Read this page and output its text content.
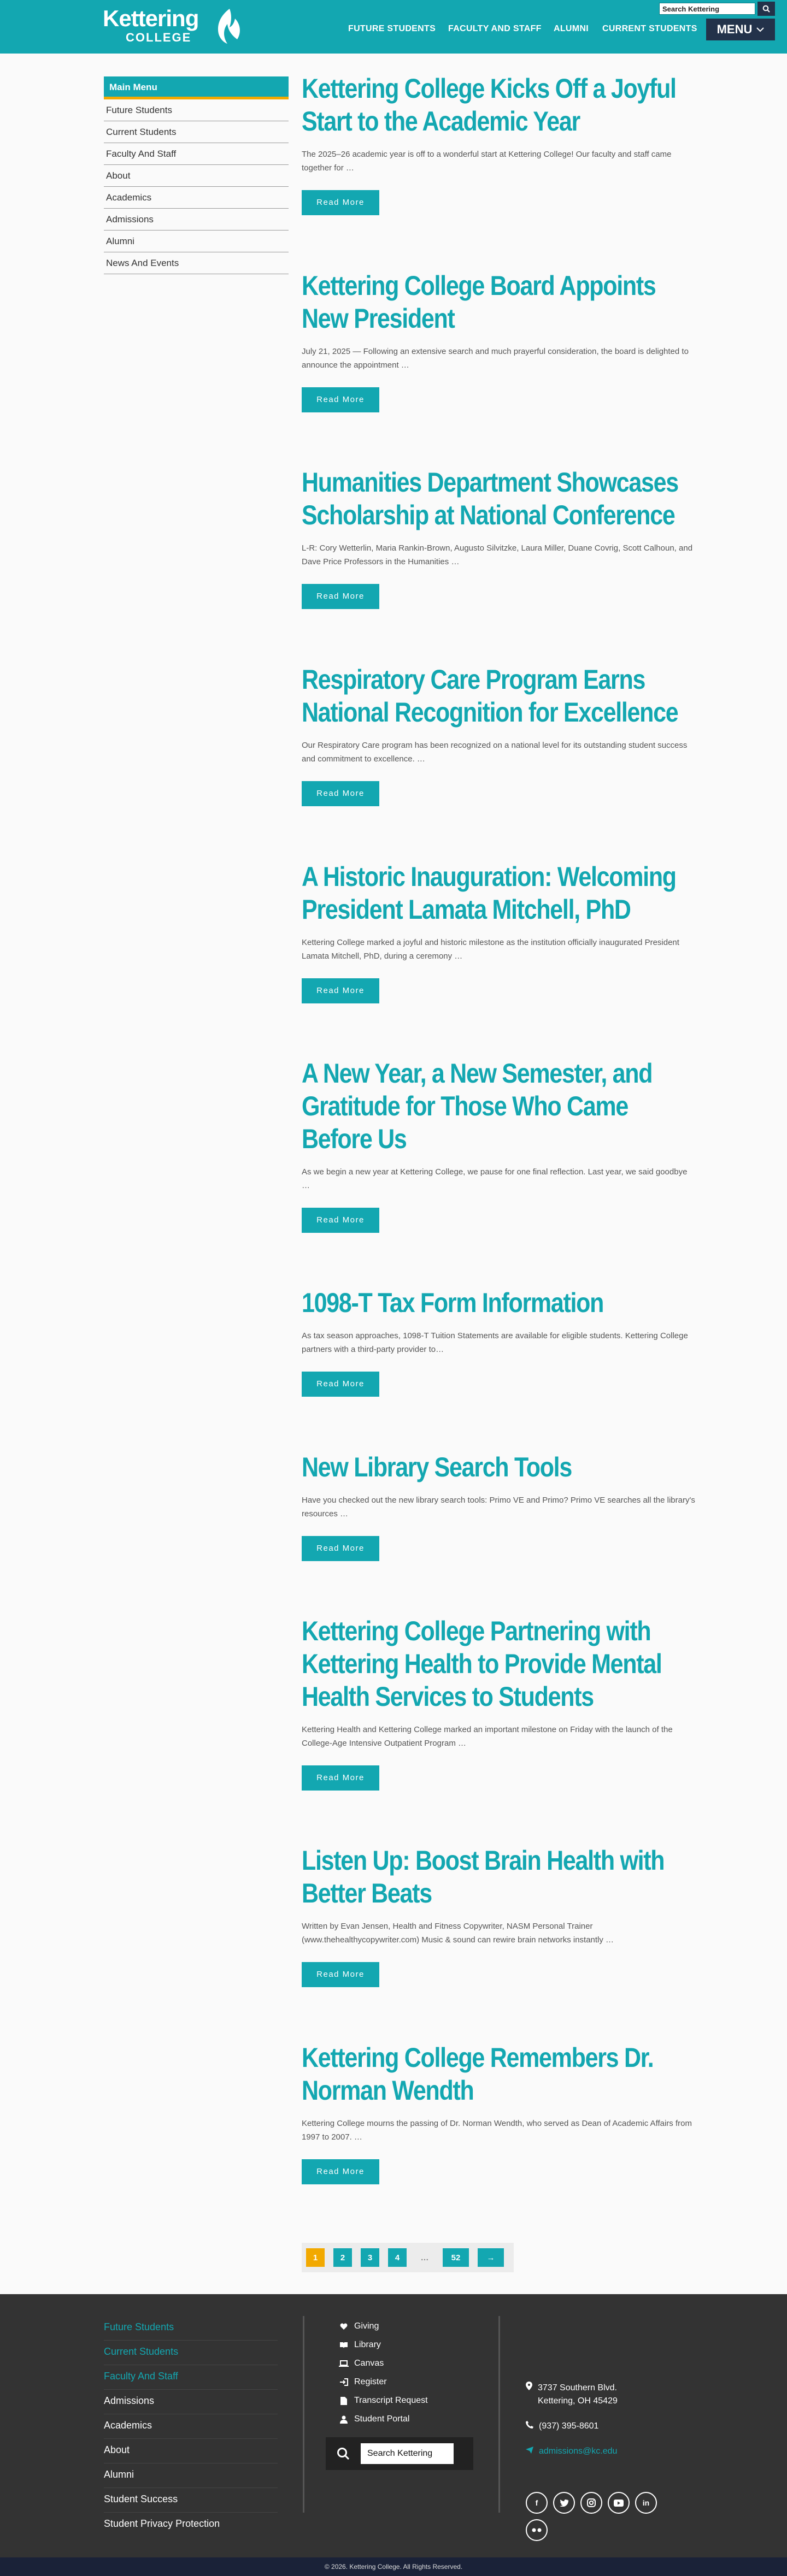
Kettering
COLLEGE
Search Kettering
FUTURE STUDENTS FACULTY AND STAFF ALUMNI CURRENT STUDENTS MENU
Main Menu
Future Students
Current Students
Faculty And Staff
About
Academics
Admissions
Alumni
News And Events
Kettering College Kicks Off a Joyful Start to the Academic Year

The 2025–26 academic year is off to a wonderful start at Kettering College! Our faculty and staff came together for …

Read More
Kettering College Board Appoints New President

July 21, 2025 — Following an extensive search and much prayerful consideration, the board is delighted to announce the appointment …

Read More
Humanities Department Showcases Scholarship at National Conference

L-R: Cory Wetterlin, Maria Rankin-Brown, Augusto Silvitzke, Laura Miller, Duane Covrig, Scott Calhoun, and Dave Price Professors in the Humanities …

Read More
Respiratory Care Program Earns National Recognition for Excellence

Our Respiratory Care program has been recognized on a national level for its outstanding student success and commitment to excellence. …

Read More
A Historic Inauguration: Welcoming President Lamata Mitchell, PhD

Kettering College marked a joyful and historic milestone as the institution officially inaugurated President Lamata Mitchell, PhD, during a ceremony …

Read More
A New Year, a New Semester, and Gratitude for Those Who Came Before Us

As we begin a new year at Kettering College, we pause for one final reflection. Last year, we said goodbye …

Read More
1098-T Tax Form Information

As tax season approaches, 1098-T Tuition Statements are available for eligible students. Kettering College partners with a third-party provider to…

Read More
New Library Search Tools

Have you checked out the new library search tools: Primo VE and Primo? Primo VE searches all the library's resources …

Read More
Kettering College Partnering with Kettering Health to Provide Mental Health Services to Students

Kettering Health and Kettering College marked an important milestone on Friday with the launch of the College-Age Intensive Outpatient Program …

Read More
Listen Up: Boost Brain Health with Better Beats

Written by Evan Jensen, Health and Fitness Copywriter, NASM Personal Trainer (www.thehealthycopywriter.com) Music & sound can rewire brain networks instantly …

Read More
Kettering College Remembers Dr. Norman Wendth

Kettering College mourns the passing of Dr. Norman Wendth, who served as Dean of Academic Affairs from 1997 to 2007. …

Read More
1	2	3	4	…	52	→
Future Students
Current Students
Faculty And Staff
Admissions
Academics
About
Alumni
Student Success
Student Privacy Protection
Giving
Library
Canvas
Register
Transcript Request
Student Portal
Search Kettering
3737 Southern Blvd.
Kettering, OH 45429
(937) 395-8601
admissions@kc.edu
f	in
© 2026. Kettering College. All Rights Reserved.
